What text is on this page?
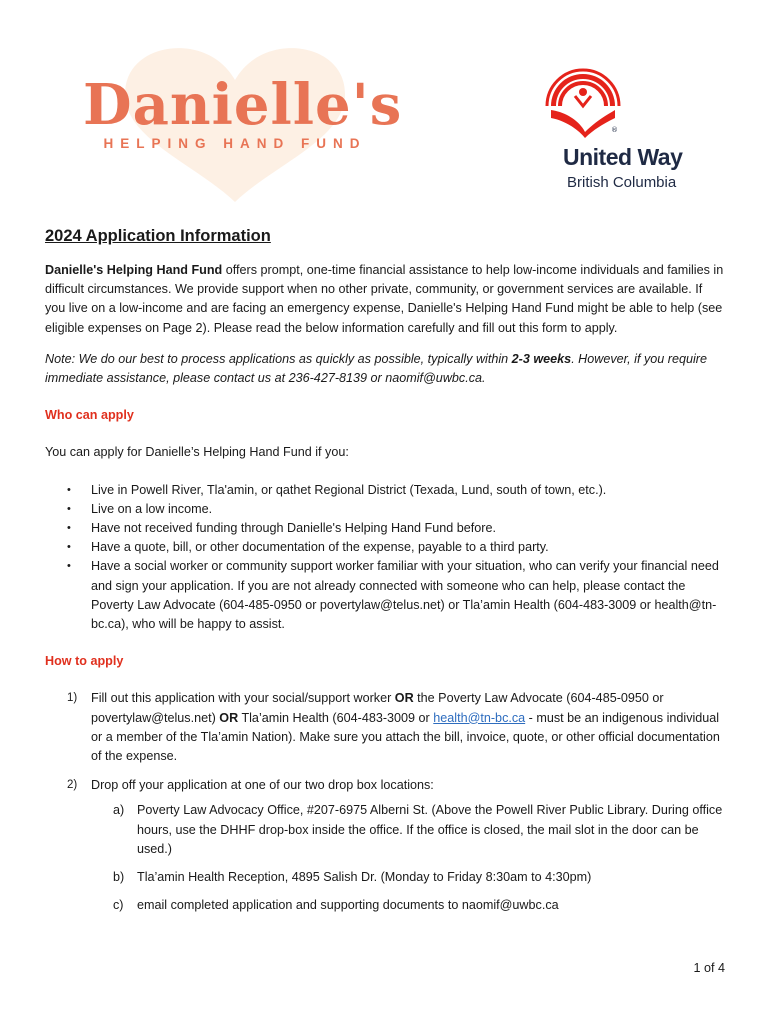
Danielle's
HELPING HAND FUND
®
United Way
British Columbia
2024 Application Information

Danielle's Helping Hand Fund offers prompt, one-time financial assistance to help low-income individuals and families in difficult circumstances. We provide support when no other private, community, or government services are available. If you live on a low-income and are facing an emergency expense, Danielle's Helping Hand Fund might be able to help (see eligible expenses on Page 2). Please read the below information carefully and fill out this form to apply.

Note: We do our best to process applications as quickly as possible, typically within 2-3 weeks. However, if you require immediate assistance, please contact us at 236-427-8139 or naomif@uwbc.ca.

Who can apply

You can apply for Danielle’s Helping Hand Fund if you:

• Live in Powell River, Tla'amin, or qathet Regional District (Texada, Lund, south of town, etc.).
• Live on a low income.
• Have not received funding through Danielle's Helping Hand Fund before.
• Have a quote, bill, or other documentation of the expense, payable to a third party.
• Have a social worker or community support worker familiar with your situation, who can verify your financial need and sign your application. If you are not already connected with someone who can help, please contact the Poverty Law Advocate (604-485-0950 or povertylaw@telus.net) or Tla’amin Health (604-483-3009 or health@tn-bc.ca), who will be happy to assist.

How to apply

1) Fill out this application with your social/support worker OR the Poverty Law Advocate (604-485-0950 or povertylaw@telus.net) OR Tla’amin Health (604-483-3009 or health@tn-bc.ca - must be an indigenous individual or a member of the Tla’amin Nation). Make sure you attach the bill, invoice, quote, or other official documentation of the expense.
2) Drop off your application at one of our two drop box locations:
a) Poverty Law Advocacy Office, #207-6975 Alberni St. (Above the Powell River Public Library. During office hours, use the DHHF drop-box inside the office. If the office is closed, the mail slot in the door can be used.)
b) Tla’amin Health Reception, 4895 Salish Dr. (Monday to Friday 8:30am to 4:30pm)
c) email completed application and supporting documents to naomif@uwbc.ca
1 of 4
